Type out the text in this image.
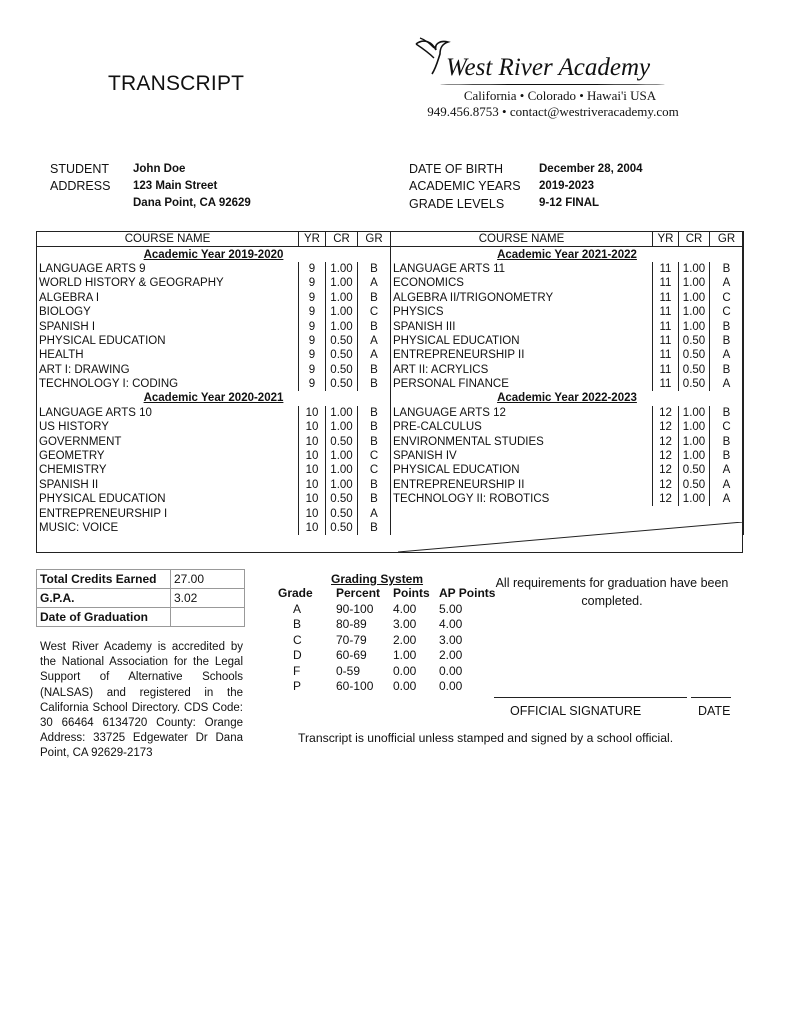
TRANSCRIPT
West River Academy
California • Colorado • Hawai'i USA
949.456.8753 • contact@westriveracademy.com
STUDENT John Doe
ADDRESS 123 Main Street
Dana Point, CA 92629
DATE OF BIRTH	December 28, 2004
ACADEMIC YEARS 2019-2023
GRADE LEVELS	9-12 FINAL
COURSE NAME	YR	CR	GR	COURSE NAME	YR	CR	GR
Academic Year 2019-2020				Academic Year 2021-2022			
LANGUAGE ARTS 9	9	1.00	B	LANGUAGE ARTS 11	11	1.00	B
WORLD HISTORY & GEOGRAPHY	9	1.00	A	ECONOMICS	11	1.00	A
ALGEBRA I	9	1.00	B	ALGEBRA II/TRIGONOMETRY	11	1.00	C
BIOLOGY	9	1.00	C	PHYSICS	11	1.00	C
SPANISH I	9	1.00	B	SPANISH III	11	1.00	B
PHYSICAL EDUCATION	9	0.50	A	PHYSICAL EDUCATION	11	0.50	B
HEALTH	9	0.50	A	ENTREPRENEURSHIP II	11	0.50	A
ART I: DRAWING	9	0.50	B	ART II: ACRYLICS	11	0.50	B
TECHNOLOGY I: CODING	9	0.50	B	PERSONAL FINANCE	11	0.50	A
Academic Year 2020-2021				Academic Year 2022-2023			
LANGUAGE ARTS 10	10	1.00	B	LANGUAGE ARTS 12	12	1.00	B
US HISTORY	10	1.00	B	PRE-CALCULUS	12	1.00	C
GOVERNMENT	10	0.50	B	ENVIRONMENTAL STUDIES	12	1.00	B
GEOMETRY	10	1.00	C	SPANISH IV	12	1.00	B
CHEMISTRY	10	1.00	C	PHYSICAL EDUCATION	12	0.50	A
SPANISH II	10	1.00	B	ENTREPRENEURSHIP II	12	0.50	A
PHYSICAL EDUCATION	10	0.50	B	TECHNOLOGY II: ROBOTICS	12	1.00	A
ENTREPRENEURSHIP I	10	0.50	A				
MUSIC: VOICE	10	0.50	B				
Total Credits Earned	27.00
G.P.A.	3.02
Date of Graduation	
West River Academy is accredited by the National Association for the Legal Support of Alternative Schools (NALSAS) and registered in the California School Directory. CDS Code: 30 66464 6134720 County: Orange Address: 33725 Edgewater Dr Dana Point, CA 92629-2173
Grading System
Grade	Percent	Points	AP Points
A	90-100	4.00	5.00
B	80-89	3.00	4.00
C	70-79	2.00	3.00
D	60-69	1.00	2.00
F	0-59	0.00	0.00
P	60-100	0.00	0.00
All requirements for graduation have been completed.
OFFICIAL SIGNATURE	DATE
Transcript is unofficial unless stamped and signed by a school official.
